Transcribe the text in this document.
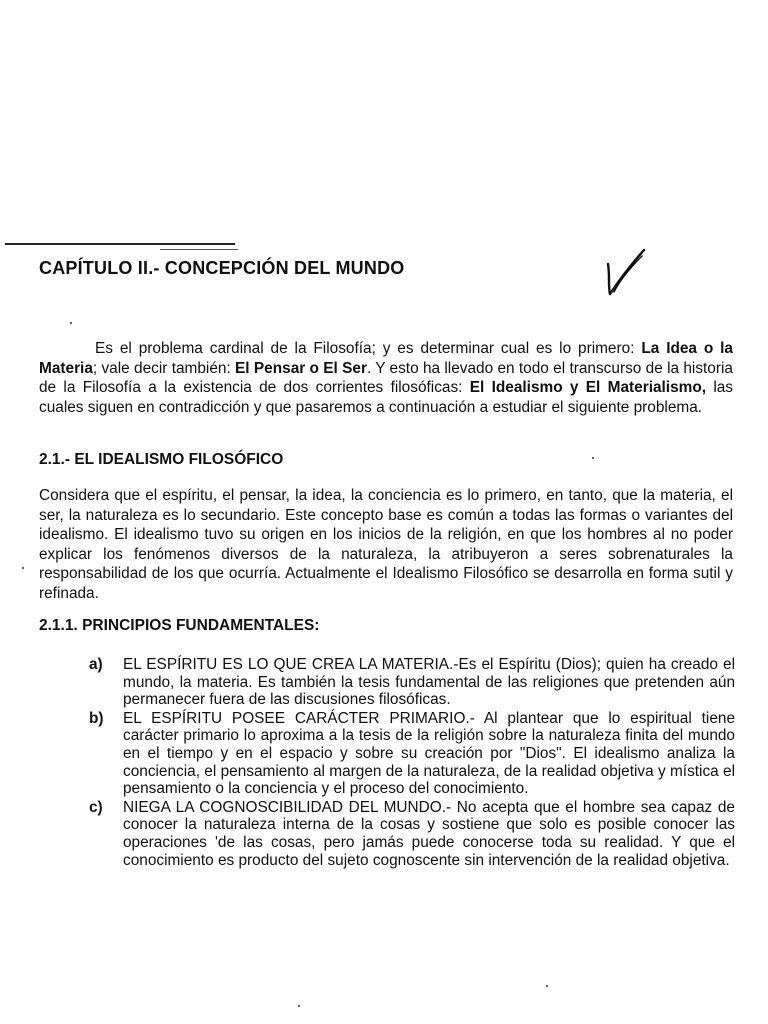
CAPÍTULO II.- CONCEPCIÓN DEL MUNDO

Es el problema cardinal de la Filosofía; y es determinar cual es lo primero: La Idea o la Materia; vale decir también: El Pensar o El Ser. Y esto ha llevado en todo el transcurso de la historia de la Filosofía a la existencia de dos corrientes filosóficas: El Idealismo y El Materialismo, las cuales siguen en contradicción y que pasaremos a continuación a estudiar el siguiente problema.

2.1.- EL IDEALISMO FILOSÓFICO

Considera que el espíritu, el pensar, la idea, la conciencia es lo primero, en tanto, que la materia, el ser, la naturaleza es lo secundario. Este concepto base es común a todas las formas o variantes del idealismo. El idealismo tuvo su origen en los inicios de la religión, en que los hombres al no poder explicar los fenómenos diversos de la naturaleza, la atribuyeron a seres sobrenaturales la responsabilidad de los que ocurría. Actualmente el Idealismo Filosófico se desarrolla en forma sutil y refinada.

2.1.1. PRINCIPIOS FUNDAMENTALES:
a) EL ESPÍRITU ES LO QUE CREA LA MATERIA.-Es el Espíritu (Dios); quien ha creado el mundo, la materia. Es también la tesis fundamental de las religiones que pretenden aún permanecer fuera de las discusiones filosóficas.
b) EL ESPÍRITU POSEE CARÁCTER PRIMARIO.- Al plantear que lo espiritual tiene carácter primario lo aproxima a la tesis de la religión sobre la naturaleza finita del mundo en el tiempo y en el espacio y sobre su creación por "Dios". El idealismo analiza la conciencia, el pensamiento al margen de la naturaleza, de la realidad objetiva y mística el pensamiento o la conciencia y el proceso del conocimiento.
c) NIEGA LA COGNOSCIBILIDAD DEL MUNDO.- No acepta que el hombre sea capaz de conocer la naturaleza interna de la cosas y sostiene que solo es posible conocer las operaciones 'de las cosas, pero jamás puede conocerse toda su realidad. Y que el conocimiento es producto del sujeto cognoscente sin intervención de la realidad objetiva.
